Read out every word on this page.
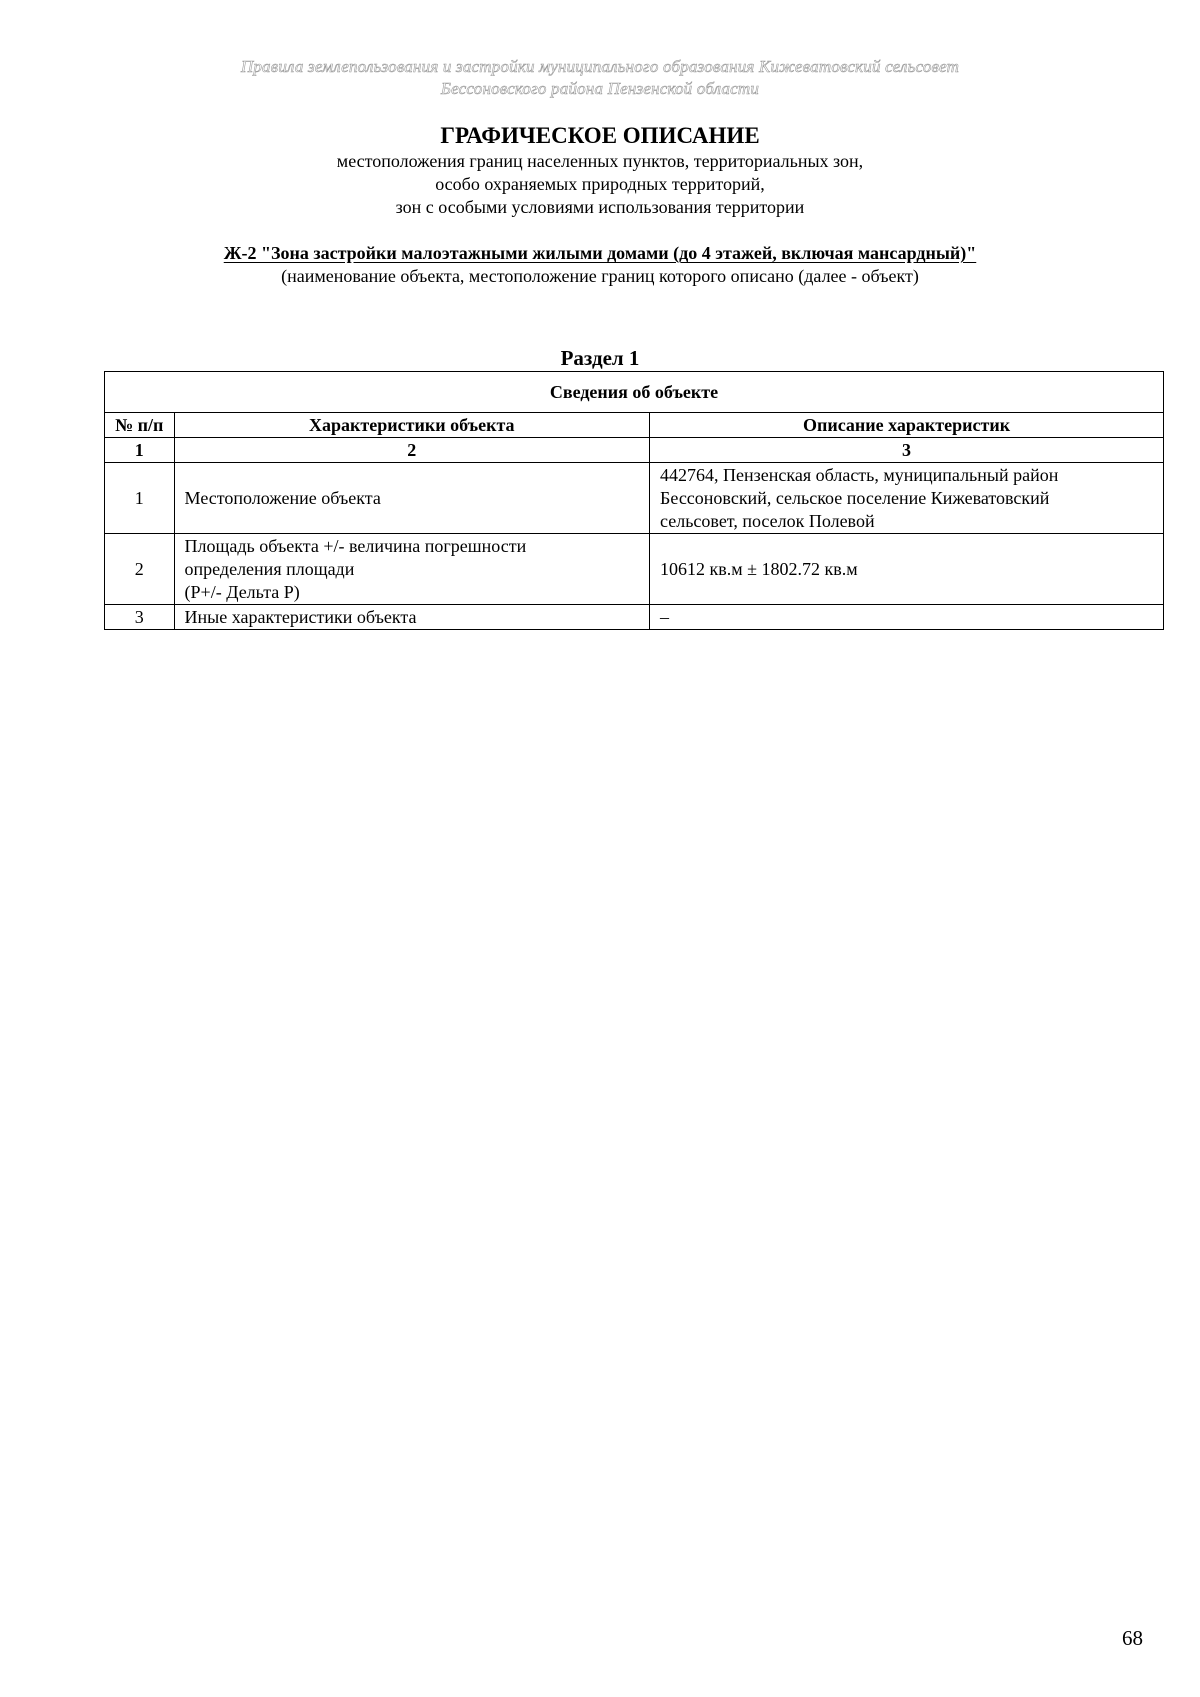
Правила землепользования и застройки муниципального образования Кижеватовский сельсовет
Бессоновского района Пензенской области
ГРАФИЧЕСКОЕ ОПИСАНИЕ
местоположения границ населенных пунктов, территориальных зон,
особо охраняемых природных территорий,
зон с особыми условиями использования территории
Ж-2 "Зона застройки малоэтажными жилыми домами (до 4 этажей, включая мансардный)"
(наименование объекта, местоположение границ которого описано (далее - объект)
Раздел 1
Сведения об объекте		
№ п/п	Характеристики объекта	Описание характеристик
1	2	3
1	Местоположение объекта	442764, Пензенская область, муниципальный район
Бессоновский, сельское поселение Кижеватовский
сельсовет, поселок Полевой

2	Площадь объекта +/- величина погрешности
определения площади
(P+/- Дельта P)	10612 кв.м ± 1802.72 кв.м

3	Иные характеристики объекта	–
68
